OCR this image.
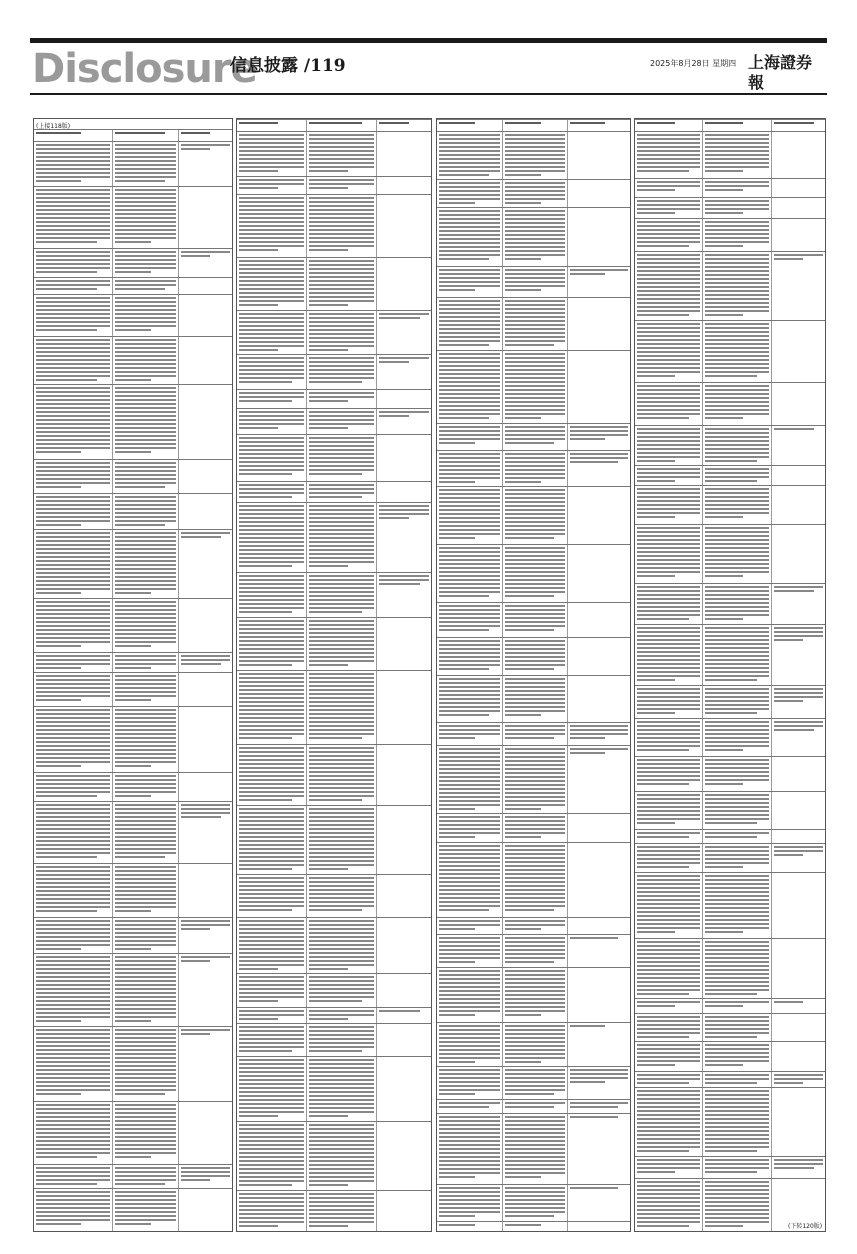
Disclosure
信息披露 /119	2025年8月28日 星期四 上海證券報
(上接118版)
(下转120版)
